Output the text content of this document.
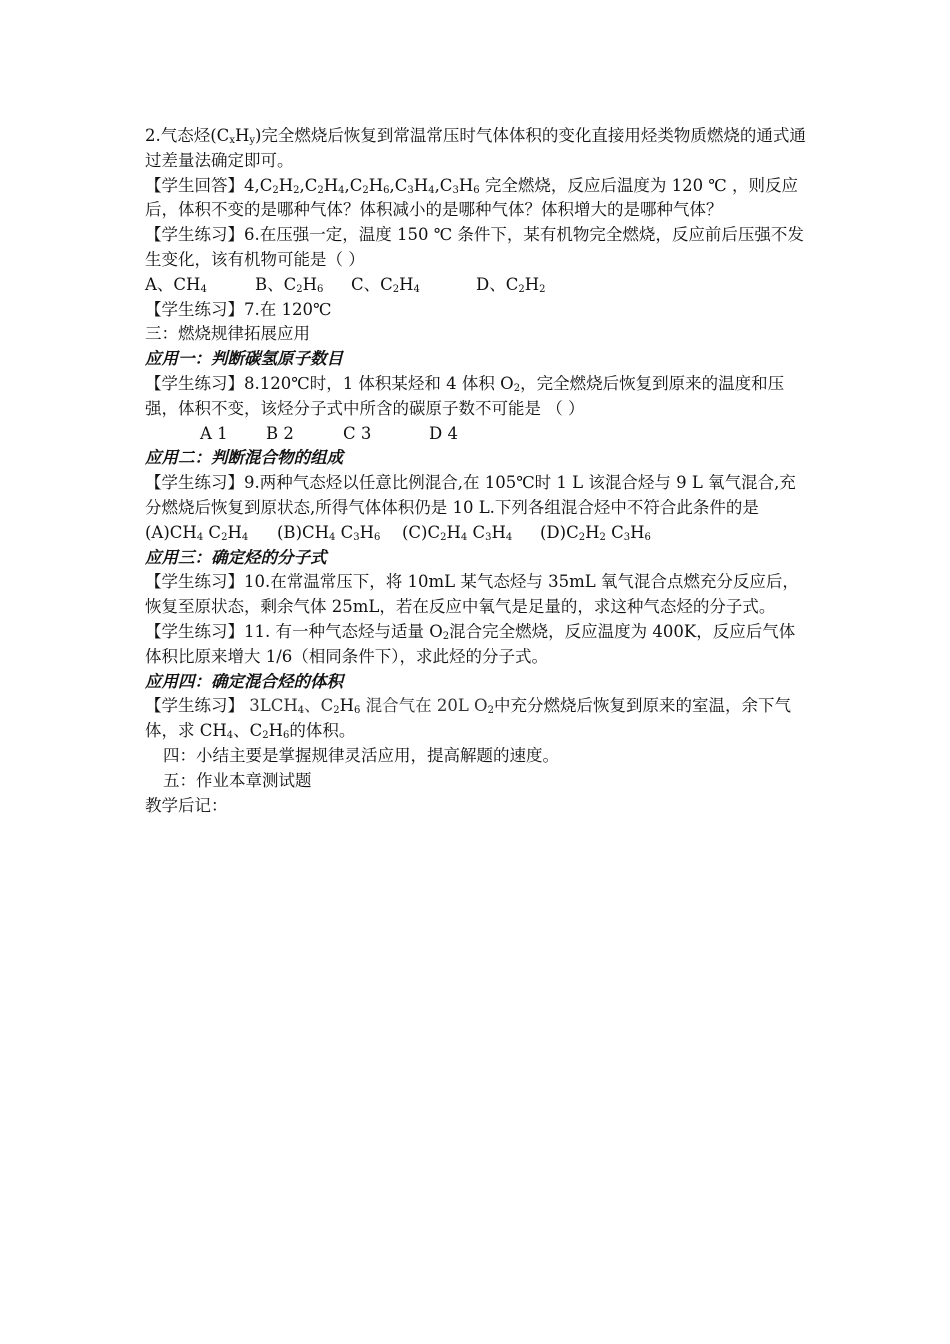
2.气态烃$(C_xH_y)$完全燃烧后恢复到常温常压时气体体积的变化直接用烃类物质燃烧的通式通过差量法确定即可。

【学生回答】$4,C_2H_2,C_2H_4,C_2H_6,C_3H_4,C_3H_6$ 完全燃烧，反应后温度为 120 ℃ ，则反应后，体积不变的是哪种气体？体积减小的是哪种气体？体积增大的是哪种气体？

【学生练习】6.在压强一定，温度 150 ℃ 条件下，某有机物完全燃烧，反应前后压强不发生变化，该有机物可能是（ ）

A、$CH_4$	B、$C_2H_6$	C、$C_2H_4$	D、$C_2H_2$

【学生练习】7.在 120℃

三：燃烧规律拓展应用

应用一：判断碳氢原子数目

【学生练习】8.120℃时，1 体积某烃和 4 体积 $O_2$，完全燃烧后恢复到原来的温度和压强，体积不变，该烃分子式中所含的碳原子数不可能是 （ ）

A 1	B 2	C 3	D 4

应用二：判断混合物的组成

【学生练习】9.两种气态烃以任意比例混合,在 105℃时 1 L 该混合烃与 9 L 氧气混合,充分燃烧后恢复到原状态,所得气体体积仍是 10 L.下列各组混合烃中不符合此条件的是

$(A)CH_4$ $C_2H_4$	$(B)CH_4$ $C_3H_6$	$(C)C_2H_4$ $C_3H_4$	$(D)C_2H_2$ $C_3H_6$

应用三：确定烃的分子式

【学生练习】10.在常温常压下，将 10mL 某气态烃与 35mL 氧气混合点燃充分反应后，恢复至原状态，剩余气体 25mL，若在反应中氧气是足量的，求这种气态烃的分子式。

【学生练习】11. 有一种气态烃与适量 $O_2$混合完全燃烧，反应温度为 400K，反应后气体体积比原来增大 1/6（相同条件下），求此烃的分子式。

应用四：确定混合烃的体积

【学生练习】 $3LCH_4$、$C_2H_6$ 混合气在 20L $O_2$中充分燃烧后恢复到原来的室温，余下气体，求 $CH_4$、$C_2H_6$的体积。

四：小结主要是掌握规律灵活应用，提高解题的速度。

五：作业本章测试题

教学后记：
